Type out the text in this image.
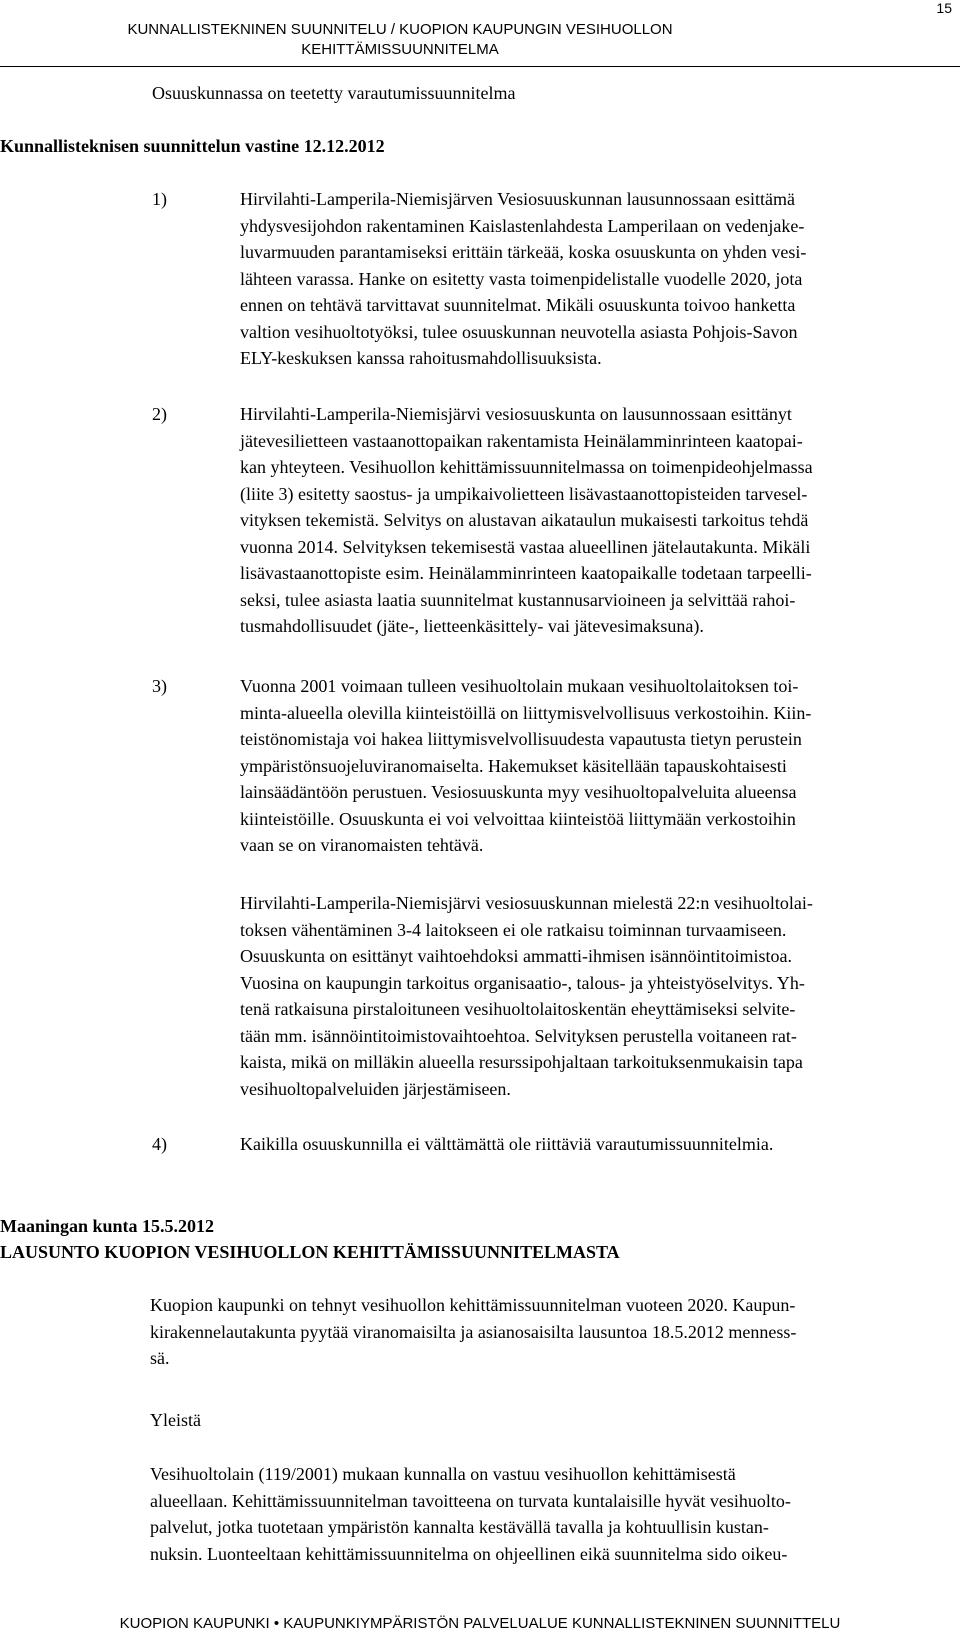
15
KUNNALLISTEKNINEN SUUNNITELU / KUOPION KAUPUNGIN VESIHUOLLON
KEHITTÄMISSUUNNITELMA
Osuuskunnassa on teetetty varautumissuunnitelma
Kunnallisteknisen suunnittelun vastine 12.12.2012
1)	Hirvilahti-Lamperila-Niemisjärven Vesiosuuskunnan lausunnossaan esittämä
yhdysvesijohdon rakentaminen Kaislastenlahdesta Lamperilaan on vedenjake-
luvarmuuden parantamiseksi erittäin tärkeää, koska osuuskunta on yhden vesi-
lähteen varassa. Hanke on esitetty vasta toimenpidelistalle vuodelle 2020, jota
ennen on tehtävä tarvittavat suunnitelmat. Mikäli osuuskunta toivoo hanketta
valtion vesihuoltotyöksi, tulee osuuskunnan neuvotella asiasta Pohjois-Savon
ELY-keskuksen kanssa rahoitusmahdollisuuksista.
2)	Hirvilahti-Lamperila-Niemisjärvi vesiosuuskunta on lausunnossaan esittänyt
jätevesilietteen vastaanottopaikan rakentamista Heinälamminrinteen kaatopai-
kan yhteyteen. Vesihuollon kehittämissuunnitelmassa on toimenpideohjelmassa
(liite 3) esitetty saostus- ja umpikaivolietteen lisävastaanottopisteiden tarvesel-
vityksen tekemistä. Selvitys on alustavan aikataulun mukaisesti tarkoitus tehdä
vuonna 2014. Selvityksen tekemisestä vastaa alueellinen jätelautakunta. Mikäli
lisävastaanottopiste esim. Heinälamminrinteen kaatopaikalle todetaan tarpeelli-
seksi, tulee asiasta laatia suunnitelmat kustannusarvioineen ja selvittää rahoi-
tusmahdollisuudet (jäte-, lietteenkäsittely- vai jätevesimaksuna).
3)	Vuonna 2001 voimaan tulleen vesihuoltolain mukaan vesihuoltolaitoksen toi-
minta-alueella olevilla kiinteistöillä on liittymisvelvollisuus verkostoihin. Kiin-
teistönomistaja voi hakea liittymisvelvollisuudesta vapautusta tietyn perustein
ympäristönsuojeluviranomaiselta. Hakemukset käsitellään tapauskohtaisesti
lainsäädäntöön perustuen. Vesiosuuskunta myy vesihuoltopalveluita alueensa
kiinteistöille. Osuuskunta ei voi velvoittaa kiinteistöä liittymään verkostoihin
vaan se on viranomaisten tehtävä.
Hirvilahti-Lamperila-Niemisjärvi vesiosuuskunnan mielestä 22:n vesihuoltolai-
toksen vähentäminen 3-4 laitokseen ei ole ratkaisu toiminnan turvaamiseen.
Osuuskunta on esittänyt vaihtoehdoksi ammatti-ihmisen isännöintitoimistoa.
Vuosina on kaupungin tarkoitus organisaatio-, talous- ja yhteistyöselvitys. Yh-
tenä ratkaisuna pirstaloituneen vesihuoltolaitoskentän eheyttämiseksi selvite-
tään mm. isännöintitoimistovaihtoehtoa. Selvityksen perustella voitaneen rat-
kaista, mikä on milläkin alueella resurssipohjaltaan tarkoituksenmukaisin tapa
vesihuoltopalveluiden järjestämiseen.
4)	Kaikilla osuuskunnilla ei välttämättä ole riittäviä varautumissuunnitelmia.
Maaningan kunta 15.5.2012
LAUSUNTO KUOPION VESIHUOLLON KEHITTÄMISSUUNNITELMASTA
Kuopion kaupunki on tehnyt vesihuollon kehittämissuunnitelman vuoteen 2020. Kaupun-
kirakennelautakunta pyytää viranomaisilta ja asianosaisilta lausuntoa 18.5.2012 menness-
sä.
Yleistä
Vesihuoltolain (119/2001) mukaan kunnalla on vastuu vesihuollon kehittämisestä
alueellaan. Kehittämissuunnitelman tavoitteena on turvata kuntalaisille hyvät vesihuolto-
palvelut, jotka tuotetaan ympäristön kannalta kestävällä tavalla ja kohtuullisin kustan-
nuksin. Luonteeltaan kehittämissuunnitelma on ohjeellinen eikä suunnitelma sido oikeu-
KUOPION KAUPUNKI • KAUPUNKIYMPÄRISTÖN PALVELUALUE KUNNALLISTEKNINEN SUUNNITTELU
